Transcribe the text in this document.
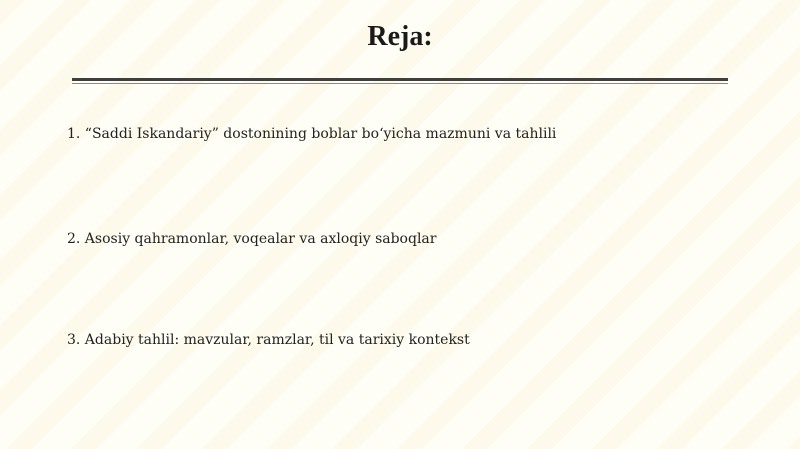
Reja:
1. “Saddi Iskandariy” dostonining boblar bo‘yicha mazmuni va tahlili
2. Asosiy qahramonlar, voqealar va axloqiy saboqlar
3. Adabiy tahlil: mavzular, ramzlar, til va tarixiy kontekst
